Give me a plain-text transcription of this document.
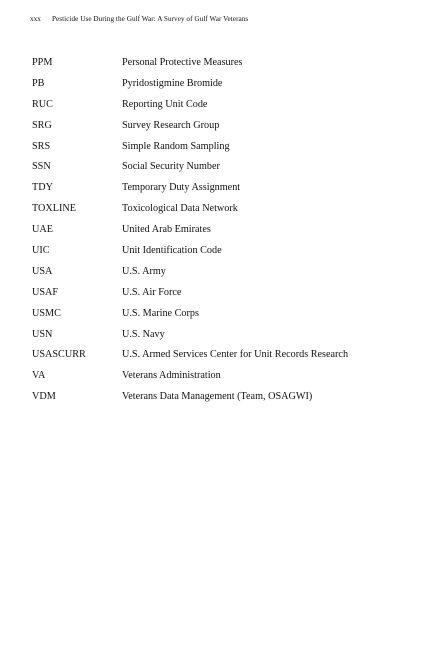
xxx Pesticide Use During the Gulf War: A Survey of Gulf War Veterans
PPM	Personal Protective Measures
PB	Pyridostigmine Bromide
RUC	Reporting Unit Code
SRG	Survey Research Group
SRS	Simple Random Sampling
SSN	Social Security Number
TDY	Temporary Duty Assignment
TOXLINE	Toxicological Data Network
UAE	United Arab Emirates
UIC	Unit Identification Code
USA	U.S. Army
USAF	U.S. Air Force
USMC	U.S. Marine Corps
USN	U.S. Navy
USASCURR	U.S. Armed Services Center for Unit Records Research
VA	Veterans Administration
VDM	Veterans Data Management (Team, OSAGWI)
